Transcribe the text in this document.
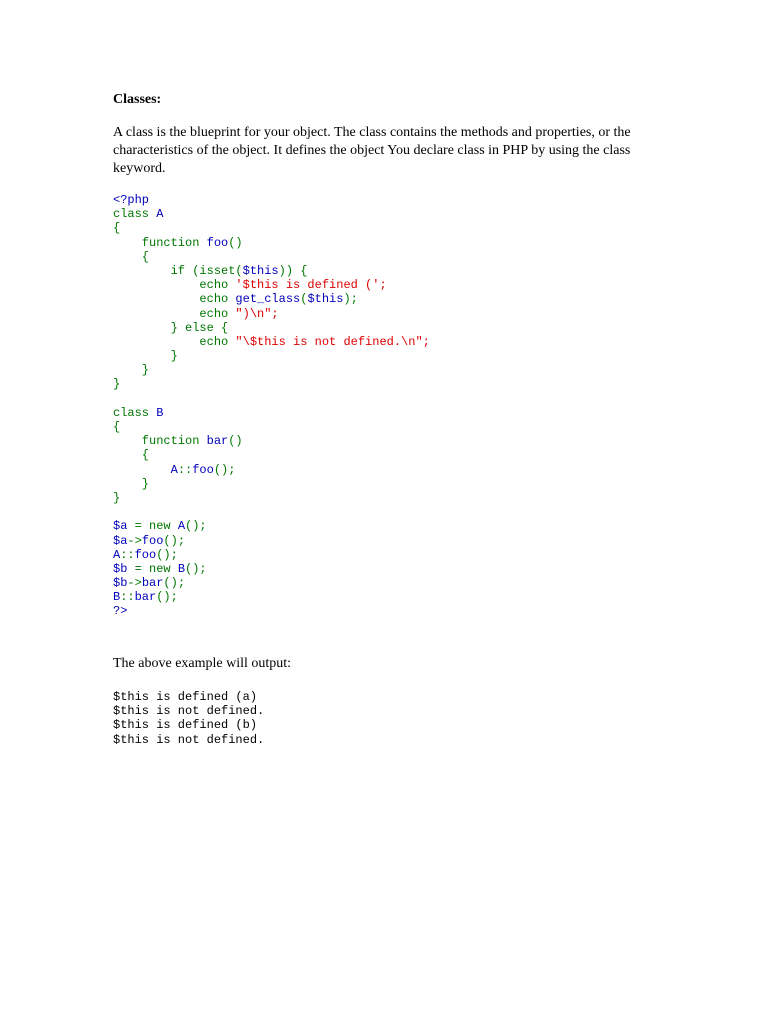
Classes:

A class is the blueprint for your object. The class contains the methods and properties, or the characteristics of the object. It defines the object You declare class in PHP by using the class keyword.

<?php
class A
{
function foo()
{
if (isset($this)) {
echo '$this is defined (';
echo get_class($this);
echo ")\n";
} else {
echo "\$this is not defined.\n";
}
}
}

class B
{
function bar()
{
A::foo();
}
}

$a = new A();
$a->foo();
A::foo();
$b = new B();
$b->bar();
B::bar();
?>

The above example will output:

$this is defined (a)
$this is not defined.
$this is defined (b)
$this is not defined.
